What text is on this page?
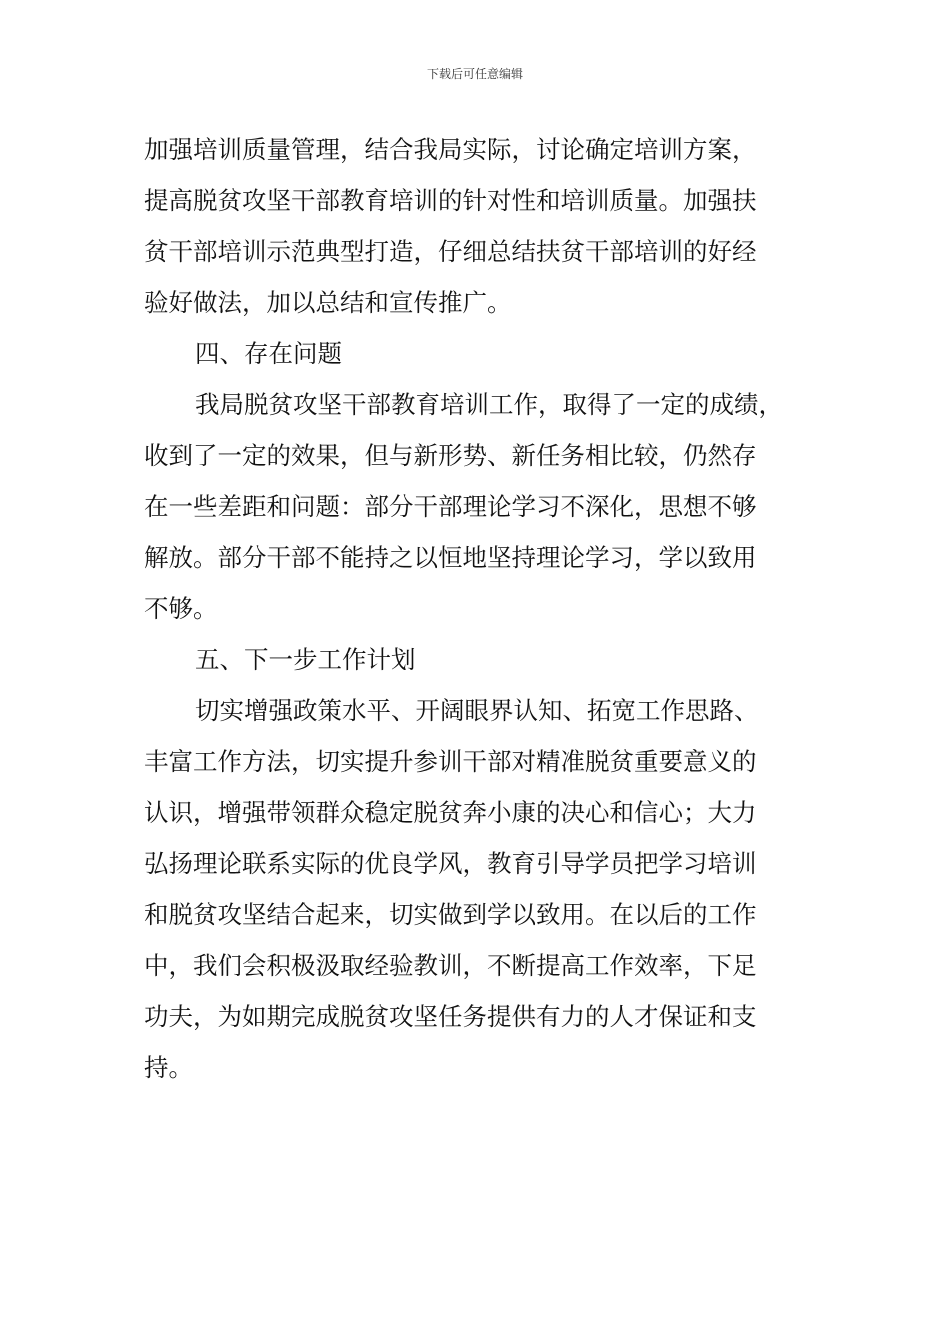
下载后可任意编辑
加强培训质量管理，结合我局实际，讨论确定培训方案，
提高脱贫攻坚干部教育培训的针对性和培训质量。加强扶
贫干部培训示范典型打造，仔细总结扶贫干部培训的好经
验好做法，加以总结和宣传推广。
四、存在问题
我局脱贫攻坚干部教育培训工作，取得了一定的成绩，
收到了一定的效果，但与新形势、新任务相比较，仍然存
在一些差距和问题：部分干部理论学习不深化，思想不够
解放。部分干部不能持之以恒地坚持理论学习，学以致用
不够。
五、下一步工作计划
切实增强政策水平、开阔眼界认知、拓宽工作思路、
丰富工作方法，切实提升参训干部对精准脱贫重要意义的
认识，增强带领群众稳定脱贫奔小康的决心和信心；大力
弘扬理论联系实际的优良学风，教育引导学员把学习培训
和脱贫攻坚结合起来，切实做到学以致用。在以后的工作
中，我们会积极汲取经验教训，不断提高工作效率，下足
功夫，为如期完成脱贫攻坚任务提供有力的人才保证和支
持。
